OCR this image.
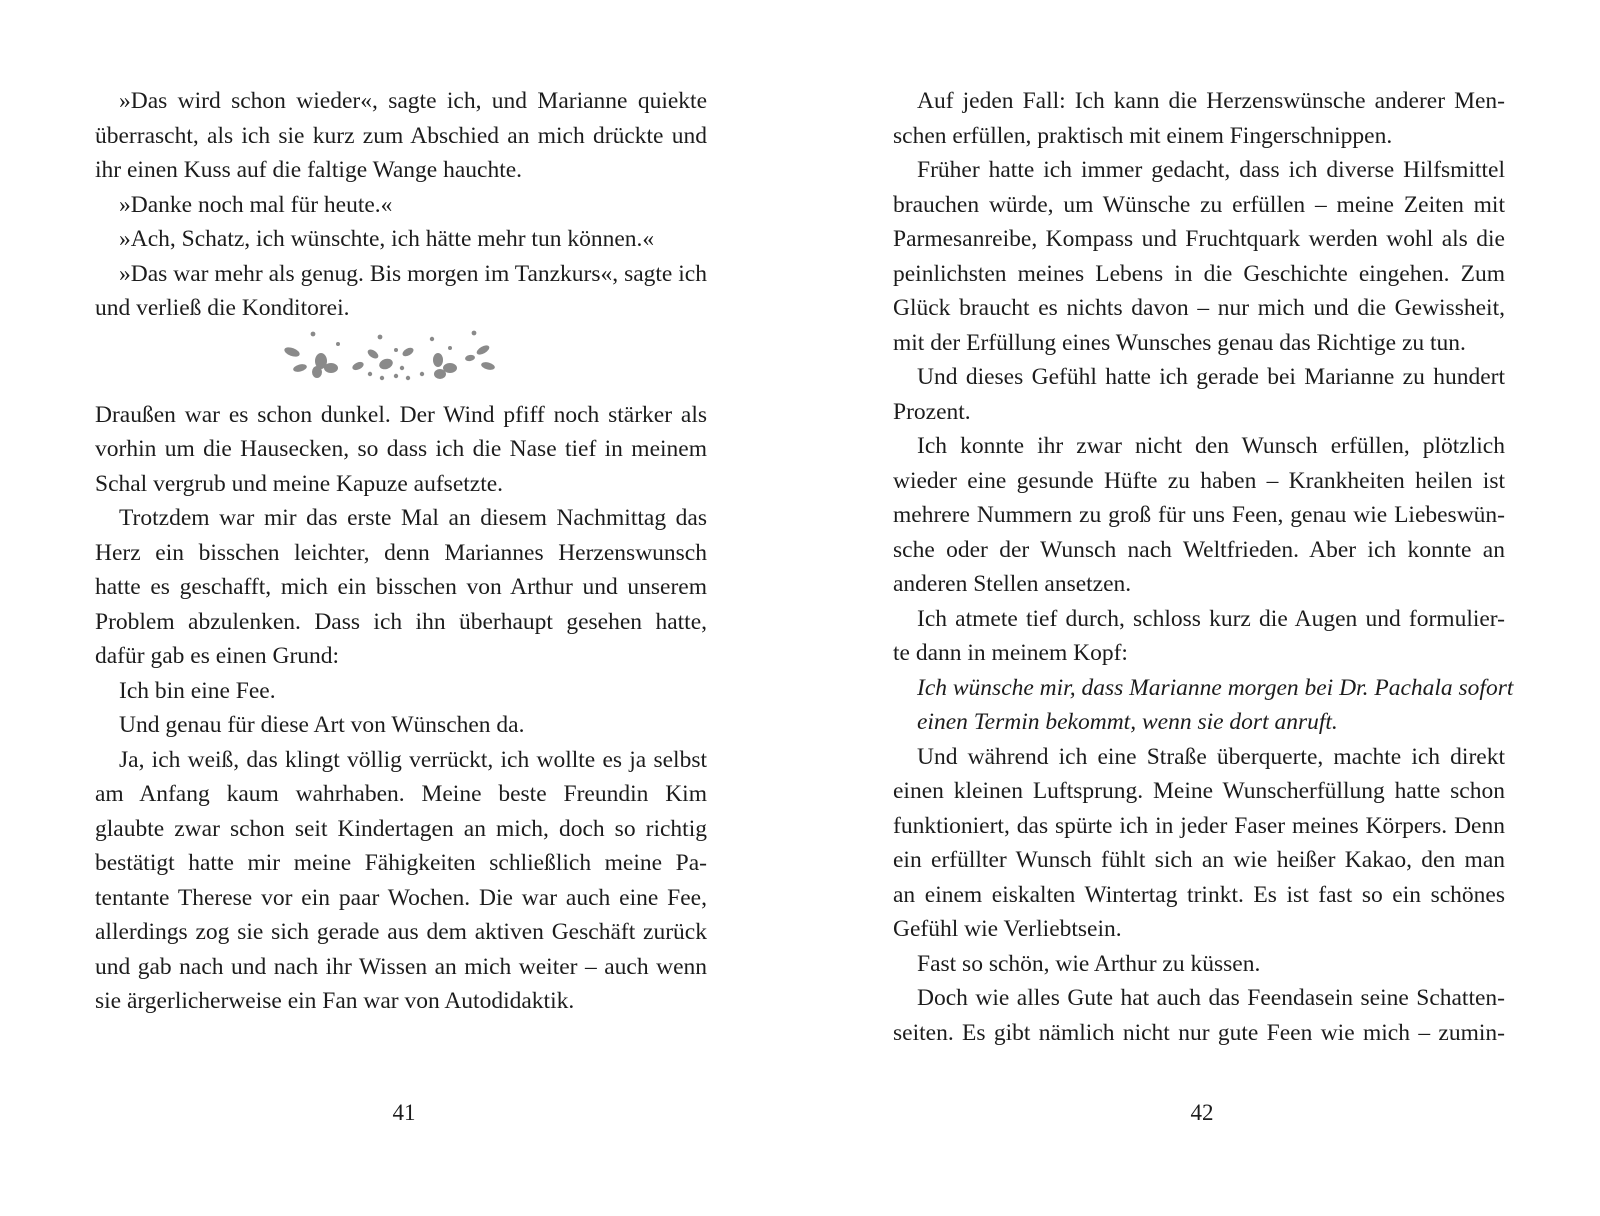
»Das wird schon wieder«, sagte ich, und Marianne quiekte
überrascht, als ich sie kurz zum Abschied an mich drückte und
ihr einen Kuss auf die faltige Wange hauchte.
»Danke noch mal für heute.«
»Ach, Schatz, ich wünschte, ich hätte mehr tun können.«
»Das war mehr als genug. Bis morgen im Tanzkurs«, sagte ich
und verließ die Konditorei.
Draußen war es schon dunkel. Der Wind pfiff noch stärker als
vorhin um die Hausecken, so dass ich die Nase tief in meinem
Schal vergrub und meine Kapuze aufsetzte.
Trotzdem war mir das erste Mal an diesem Nachmittag das
Herz ein bisschen leichter, denn Mariannes Herzenswunsch
hatte es geschafft, mich ein bisschen von Arthur und unserem
Problem abzulenken. Dass ich ihn überhaupt gesehen hatte,
dafür gab es einen Grund:
Ich bin eine Fee.
Und genau für diese Art von Wünschen da.
Ja, ich weiß, das klingt völlig verrückt, ich wollte es ja selbst
am Anfang kaum wahrhaben. Meine beste Freundin Kim
glaubte zwar schon seit Kindertagen an mich, doch so richtig
bestätigt hatte mir meine Fähigkeiten schließlich meine Pa-
tentante Therese vor ein paar Wochen. Die war auch eine Fee,
allerdings zog sie sich gerade aus dem aktiven Geschäft zurück
und gab nach und nach ihr Wissen an mich weiter – auch wenn
sie ärgerlicherweise ein Fan war von Autodidaktik.
Auf jeden Fall: Ich kann die Herzenswünsche anderer Men-
schen erfüllen, praktisch mit einem Fingerschnippen.
Früher hatte ich immer gedacht, dass ich diverse Hilfsmittel
brauchen würde, um Wünsche zu erfüllen – meine Zeiten mit
Parmesanreibe, Kompass und Fruchtquark werden wohl als die
peinlichsten meines Lebens in die Geschichte eingehen. Zum
Glück braucht es nichts davon – nur mich und die Gewissheit,
mit der Erfüllung eines Wunsches genau das Richtige zu tun.
Und dieses Gefühl hatte ich gerade bei Marianne zu hundert
Prozent.
Ich konnte ihr zwar nicht den Wunsch erfüllen, plötzlich
wieder eine gesunde Hüfte zu haben – Krankheiten heilen ist
mehrere Nummern zu groß für uns Feen, genau wie Liebeswün-
sche oder der Wunsch nach Weltfrieden. Aber ich konnte an
anderen Stellen ansetzen.
Ich atmete tief durch, schloss kurz die Augen und formulier-
te dann in meinem Kopf:
Ich wünsche mir, dass Marianne morgen bei Dr. Pachala sofort
einen Termin bekommt, wenn sie dort anruft.
Und während ich eine Straße überquerte, machte ich direkt
einen kleinen Luftsprung. Meine Wunscherfüllung hatte schon
funktioniert, das spürte ich in jeder Faser meines Körpers. Denn
ein erfüllter Wunsch fühlt sich an wie heißer Kakao, den man
an einem eiskalten Wintertag trinkt. Es ist fast so ein schönes
Gefühl wie Verliebtsein.
Fast so schön, wie Arthur zu küssen.
Doch wie alles Gute hat auch das Feendasein seine Schatten-
seiten. Es gibt nämlich nicht nur gute Feen wie mich – zumin-
41	42
